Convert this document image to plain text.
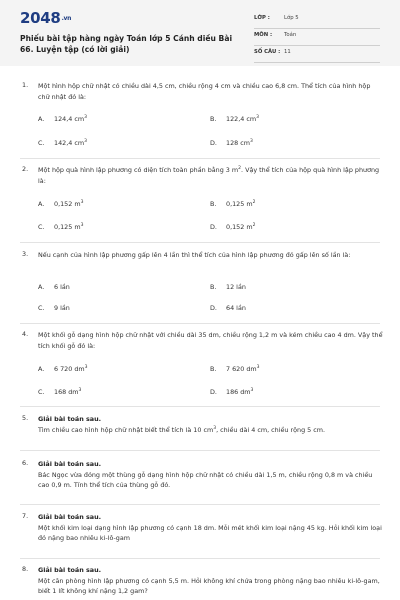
$2048^{.vn}$
Phiếu bài tập hàng ngày Toán lớp 5 Cánh diều Bài 66. Luyện tập (có lời giải)
LỚP :	Lớp 5
MÔN : Toán
SỐ CÂU : 11
1. Một hình hộp chữ nhật có chiều dài 4,5 cm, chiều rộng 4 cm và chiều cao 6,8 cm. Thể tích của hình hộp chữ nhật đó là:
A. 124,4 $cm^3$	B. 122,4 $cm^3$
C. 142,4 $cm^3$	D. 128 $cm^3$
2. Một hộp quà hình lập phương có diện tích toàn phần bằng 3 $m^2$. Vậy thể tích của hộp quà hình lập phương là:
A. 0,152 $m^3$	B. 0,125 $m^2$
C. 0,125 $m^3$	D. 0,152 $m^2$
3. Nếu cạnh của hình lập phương gấp lên 4 lần thì thể tích của hình lập phương đó gấp lên số lần là:
A. 6 lần	B. 12 lần
C. 9 lần	D. 64 lần
4. Một khối gỗ dạng hình hộp chữ nhật với chiều dài 35 dm, chiều rộng 1,2 m và kém chiều cao 4 dm. Vậy thể tích khối gỗ đó là:
A. 6 720 $dm^3$	B. 7 620 $dm^3$
C. 168 $dm^3$	D. 186 $dm^3$
5. Giải bài toán sau.
Tìm chiều cao hình hộp chữ nhật biết thể tích là 10 $cm^3$, chiều dài 4 cm, chiều rộng 5 cm.
6. Giải bài toán sau.
Bác Ngọc vừa đóng một thùng gỗ dạng hình hộp chữ nhật có chiều dài 1,5 m, chiều rộng 0,8 m và chiều cao 0,9 m. Tính thể tích của thùng gỗ đó.
7. Giải bài toán sau.
Một khối kim loại dạng hình lập phương có cạnh 18 dm. Mỗi mét khối kim loại nặng 45 kg. Hỏi khối kim loại đó nặng bao nhiêu ki-lô-gam
8. Giải bài toán sau.
Một căn phòng hình lập phương có cạnh 5,5 m. Hỏi không khí chứa trong phòng nặng bao nhiêu ki-lô-gam, biết 1 lít không khí nặng 1,2 gam?
